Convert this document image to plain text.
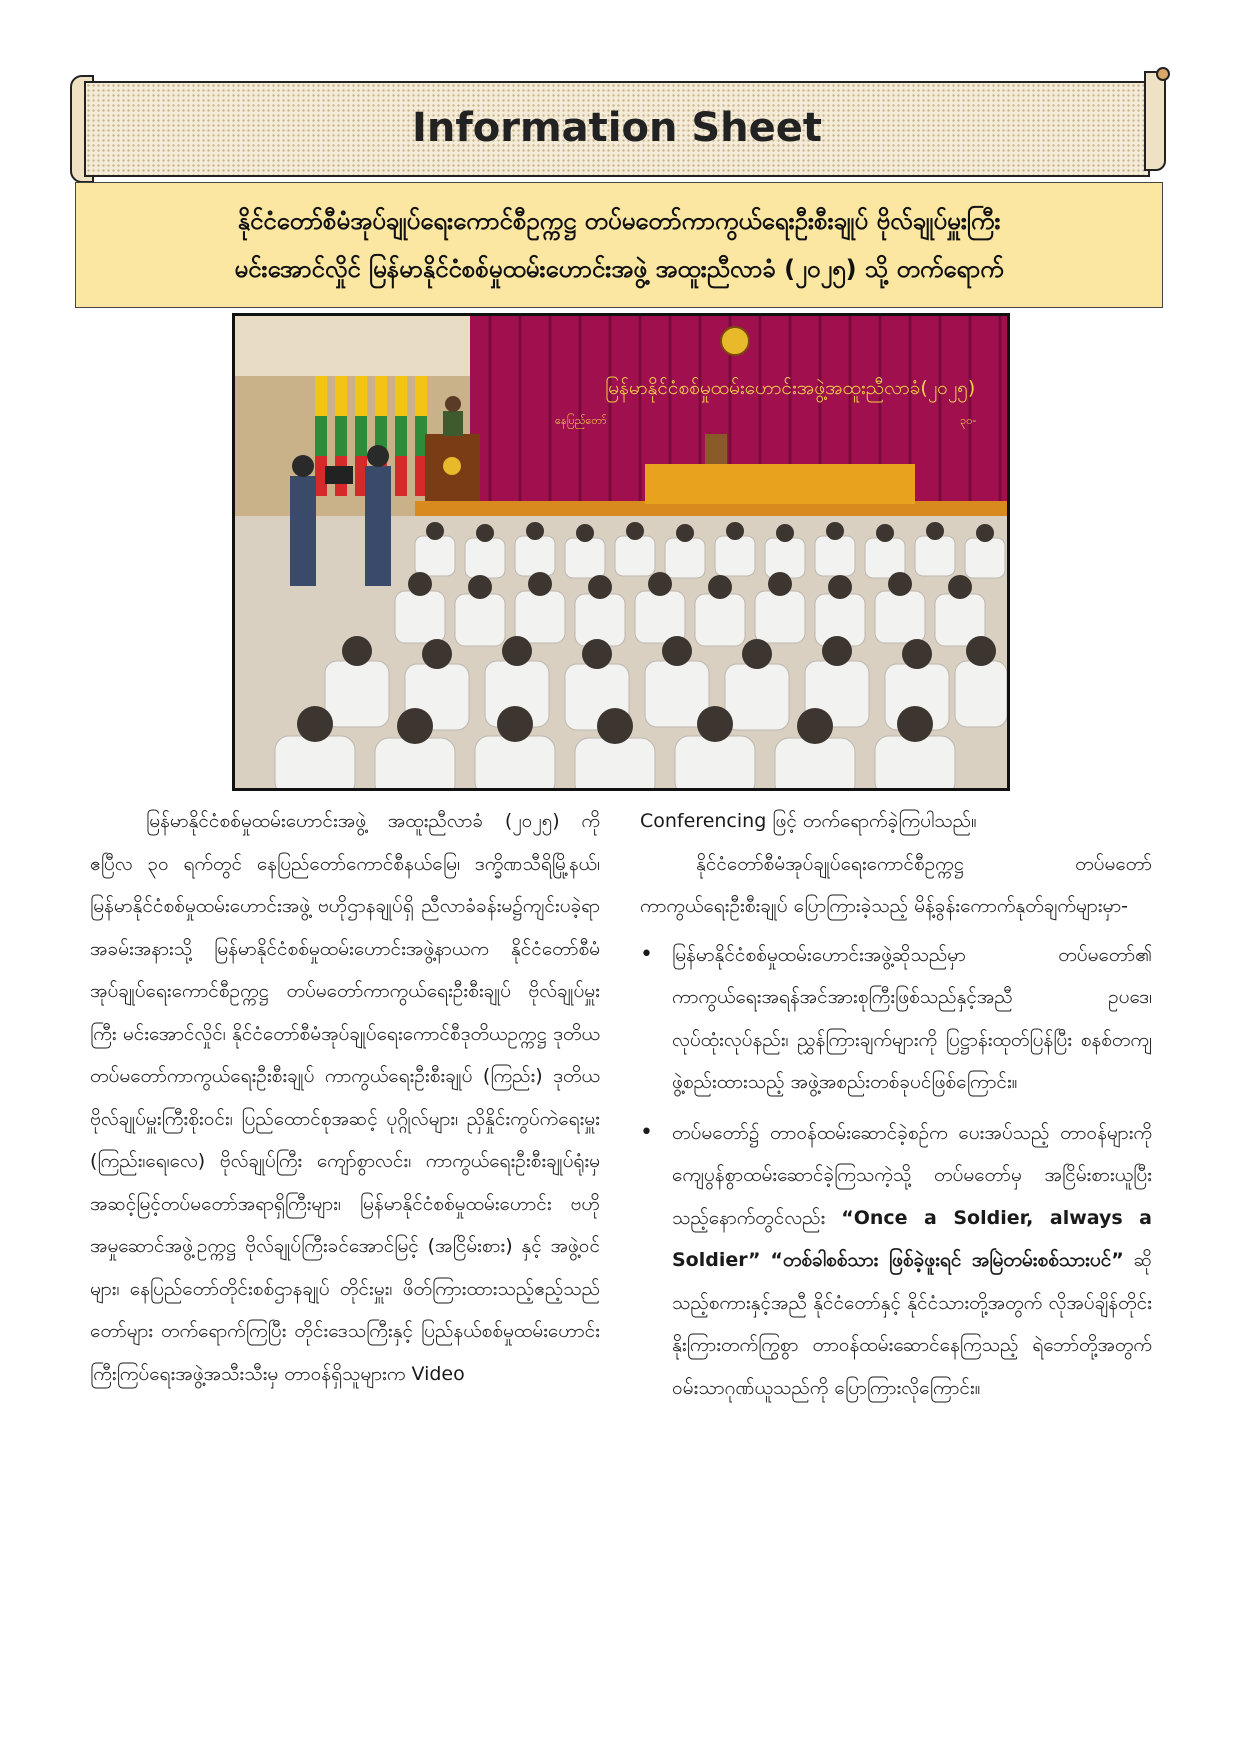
Information Sheet
နိုင်ငံတော်စီမံအုပ်ချုပ်ရေးကောင်စီဥက္ကဋ္ဌ တပ်မတော်ကာကွယ်ရေးဦးစီးချုပ် ဗိုလ်ချုပ်မှူးကြီး
မင်းအောင်လှိုင် မြန်မာနိုင်ငံစစ်မှုထမ်းဟောင်းအဖွဲ့ အထူးညီလာခံ (၂၀၂၅) သို့ တက်ရောက်
မြန်မာနိုင်ငံစစ်မှုထမ်းဟောင်းအဖွဲ့အထူးညီလာခံ(၂၀၂၅)
နေပြည်တော်	၃၀-

မြန်မာနိုင်ငံစစ်မှုထမ်းဟောင်းအဖွဲ့ အထူးညီလာခံ (၂၀၂၅) ကို ဧပြီလ ၃၀ ရက်တွင် နေပြည်တော်ကောင်စီနယ်မြေ၊ ဒက္ခိဏသီရိမြို့နယ်၊ မြန်မာနိုင်ငံစစ်မှုထမ်းဟောင်းအဖွဲ့ ဗဟိုဌာနချုပ်ရှိ ညီလာခံခန်းမ၌ကျင်းပခဲ့ရာ အခမ်းအနားသို့ မြန်မာနိုင်ငံစစ်မှုထမ်းဟောင်းအဖွဲ့နာယက နိုင်ငံတော်စီမံအုပ်ချုပ်ရေးကောင်စီဥက္ကဋ္ဌ တပ်မတော်ကာကွယ်ရေးဦးစီးချုပ် ဗိုလ်ချုပ်မှူးကြီး မင်းအောင်လှိုင်၊ နိုင်ငံတော်စီမံအုပ်ချုပ်ရေးကောင်စီဒုတိယဥက္ကဋ္ဌ ဒုတိယတပ်မတော်ကာကွယ်ရေးဦးစီးချုပ် ကာကွယ်ရေးဦးစီးချုပ် (ကြည်း) ဒုတိယဗိုလ်ချုပ်မှူးကြီးစိုးဝင်း၊ ပြည်ထောင်စုအဆင့် ပုဂ္ဂိုလ်များ၊ ညှိနှိုင်းကွပ်ကဲရေးမှူး (ကြည်း၊ရေ၊လေ) ဗိုလ်ချုပ်ကြီး ကျော်စွာလင်း၊ ကာကွယ်ရေးဦးစီးချုပ်ရုံးမှ အဆင့်မြင့်တပ်မတော်အရာရှိကြီးများ၊ မြန်မာနိုင်ငံစစ်မှုထမ်းဟောင်း ဗဟိုအမှုဆောင်အဖွဲ့ဥက္ကဋ္ဌ ဗိုလ်ချုပ်ကြီးခင်အောင်မြင့် (အငြိမ်းစား) နှင့် အဖွဲ့ဝင်များ၊ နေပြည်တော်တိုင်းစစ်ဌာနချုပ် တိုင်းမှူး၊ ဖိတ်ကြားထားသည့်ဧည့်သည်တော်များ တက်ရောက်ကြပြီး တိုင်းဒေသကြီးနှင့် ပြည်နယ်စစ်မှုထမ်းဟောင်းကြီးကြပ်ရေးအဖွဲ့အသီးသီးမှ တာဝန်ရှိသူများက Video

Conferencing ဖြင့် တက်ရောက်ခဲ့ကြပါသည်။

နိုင်ငံတော်စီမံအုပ်ချုပ်ရေးကောင်စီဥက္ကဋ္ဌ တပ်မတော်ကာကွယ်ရေးဦးစီးချုပ် ပြောကြားခဲ့သည့် မိန့်ခွန်းကောက်နုတ်ချက်များမှာ-

• မြန်မာနိုင်ငံစစ်မှုထမ်းဟောင်းအဖွဲ့ဆိုသည်မှာ တပ်မတော်၏ ကာကွယ်ရေးအရန်အင်အားစုကြီးဖြစ်သည်နှင့်အညီ ဥပဒေ၊ လုပ်ထုံးလုပ်နည်း၊ ညွှန်ကြားချက်များကို ပြဋ္ဌာန်းထုတ်ပြန်ပြီး စနစ်တကျဖွဲ့စည်းထားသည့် အဖွဲ့အစည်းတစ်ခုပင်ဖြစ်ကြောင်း။
• တပ်မတော်၌ တာဝန်ထမ်းဆောင်ခဲ့စဉ်က ပေးအပ်သည့် တာဝန်များကို ကျေပွန်စွာထမ်းဆောင်ခဲ့ကြသကဲ့သို့ တပ်မတော်မှ အငြိမ်းစားယူပြီးသည့်နောက်တွင်လည်း “Once a Soldier, always a Soldier” “တစ်ခါစစ်သား ဖြစ်ခဲ့ဖူးရင် အမြဲတမ်းစစ်သားပင်” ဆိုသည့်စကားနှင့်အညီ နိုင်ငံတော်နှင့် နိုင်ငံသားတို့အတွက် လိုအပ်ချိန်တိုင်း နိုးကြားတက်ကြွစွာ တာဝန်ထမ်းဆောင်နေကြသည့် ရဲဘော်တို့အတွက် ဝမ်းသာဂုဏ်ယူသည်ကို ပြောကြားလိုကြောင်း။
